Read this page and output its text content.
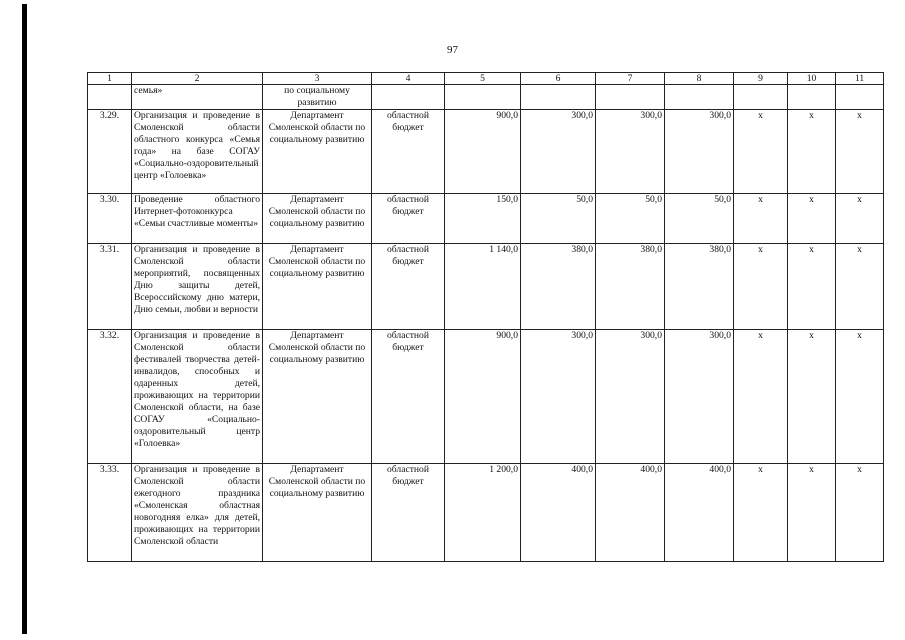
97
1	2	3	4	5	6	7	8	9	10	11
	семья»	по социальному развитию								
3.29.	Организация и проведение в Смоленской области областного конкурса «Семья года» на базе СОГАУ «Социально-оздоровительный центр «Голоевка»	Департамент Смоленской области по социальному развитию	областной бюджет	900,0	300,0	300,0	300,0	x	x	x
3.30.	Проведение областного Интернет-фотоконкурса «Семьи счастливые моменты»	Департамент Смоленской области по социальному развитию	областной бюджет	150,0	50,0	50,0	50,0	x	x	x
3.31.	Организация и проведение в Смоленской области мероприятий, посвященных Дню защиты детей, Всероссийскому дню матери, Дню семьи, любви и верности	Департамент Смоленской области по социальному развитию	областной бюджет	1 140,0	380,0	380,0	380,0	x	x	x
3.32.	Организация и проведение в Смоленской области фестивалей творчества детей-инвалидов, способных и одаренных детей, проживающих на территории Смоленской области, на базе СОГАУ «Социально-оздоровительный центр «Голоевка»	Департамент Смоленской области по социальному развитию	областной бюджет	900,0	300,0	300,0	300,0	x	x	x
3.33.	Организация и проведение в Смоленской области ежегодного праздника «Смоленская областная новогодняя елка» для детей, проживающих на территории Смоленской области	Департамент Смоленской области по социальному развитию	областной бюджет	1 200,0	400,0	400,0	400,0	x	x	x
